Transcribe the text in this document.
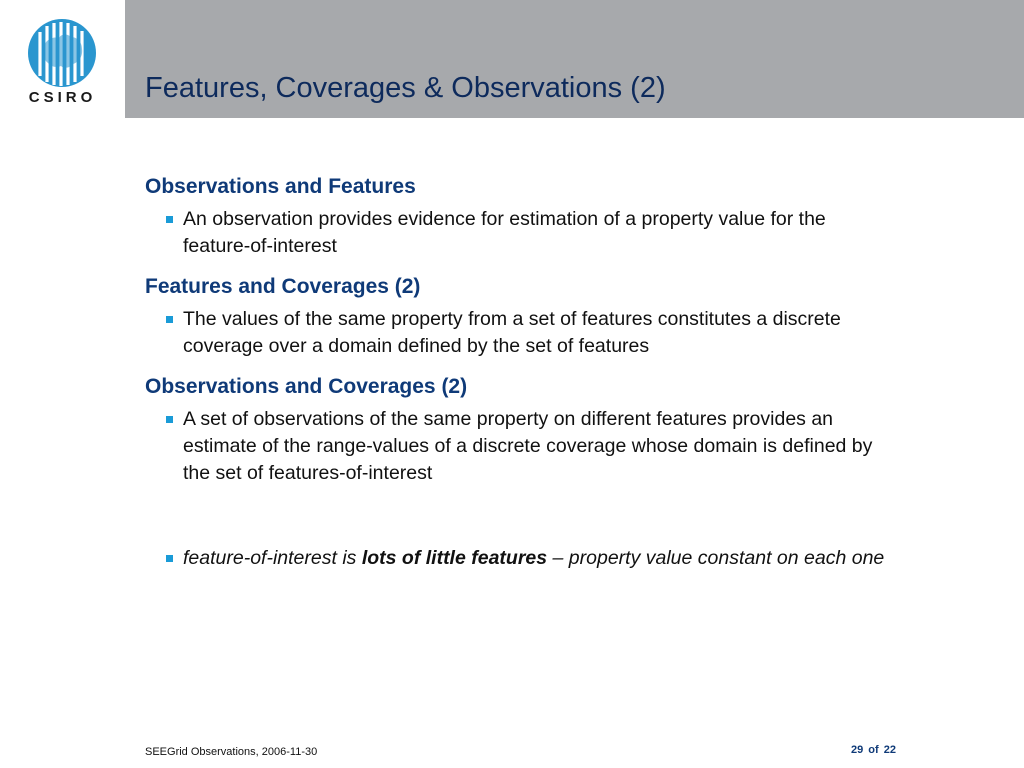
CSIRO	Features, Coverages & Observations (2)
Observations and Features
An observation provides evidence for estimation of a property value for the feature-of-interest
Features and Coverages (2)
The values of the same property from a set of features constitutes a discrete coverage over a domain defined by the set of features
Observations and Coverages (2)
A set of observations of the same property on different features provides an estimate of the range-values of a discrete coverage whose domain is defined by the set of features-of-interest
feature-of-interest is lots of little features – property value constant on each one
SEEGrid Observations, 2006-11-30	29 of 22
